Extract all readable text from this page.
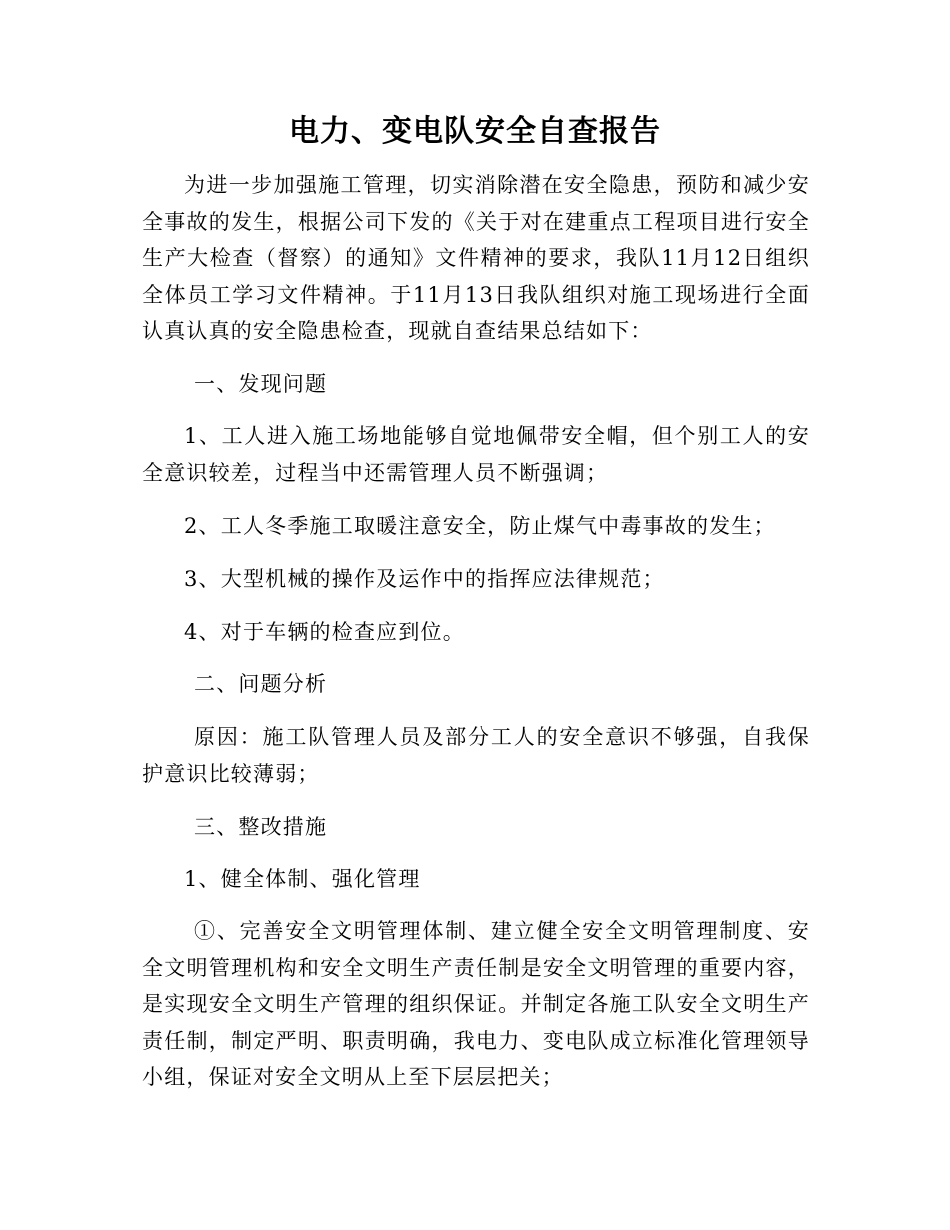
电力、变电队安全自查报告

为进一步加强施工管理，切实消除潜在安全隐患，预防和减少安全事故的发生，根据公司下发的《关于对在建重点工程项目进行安全生产大检查（督察）的通知》文件精神的要求，我队11月12日组织全体员工学习文件精神。于11月13日我队组织对施工现场进行全面认真认真的安全隐患检查，现就自查结果总结如下：

一、发现问题

1、工人进入施工场地能够自觉地佩带安全帽，但个别工人的安全意识较差，过程当中还需管理人员不断强调；

2、工人冬季施工取暖注意安全，防止煤气中毒事故的发生；

3、大型机械的操作及运作中的指挥应法律规范；

4、对于车辆的检查应到位。

二、问题分析

原因：施工队管理人员及部分工人的安全意识不够强，自我保护意识比较薄弱；

三、整改措施

1、健全体制、强化管理

①、完善安全文明管理体制、建立健全安全文明管理制度、安全文明管理机构和安全文明生产责任制是安全文明管理的重要内容，是实现安全文明生产管理的组织保证。并制定各施工队安全文明生产责任制，制定严明、职责明确，我电力、变电队成立标准化管理领导小组，保证对安全文明从上至下层层把关；
